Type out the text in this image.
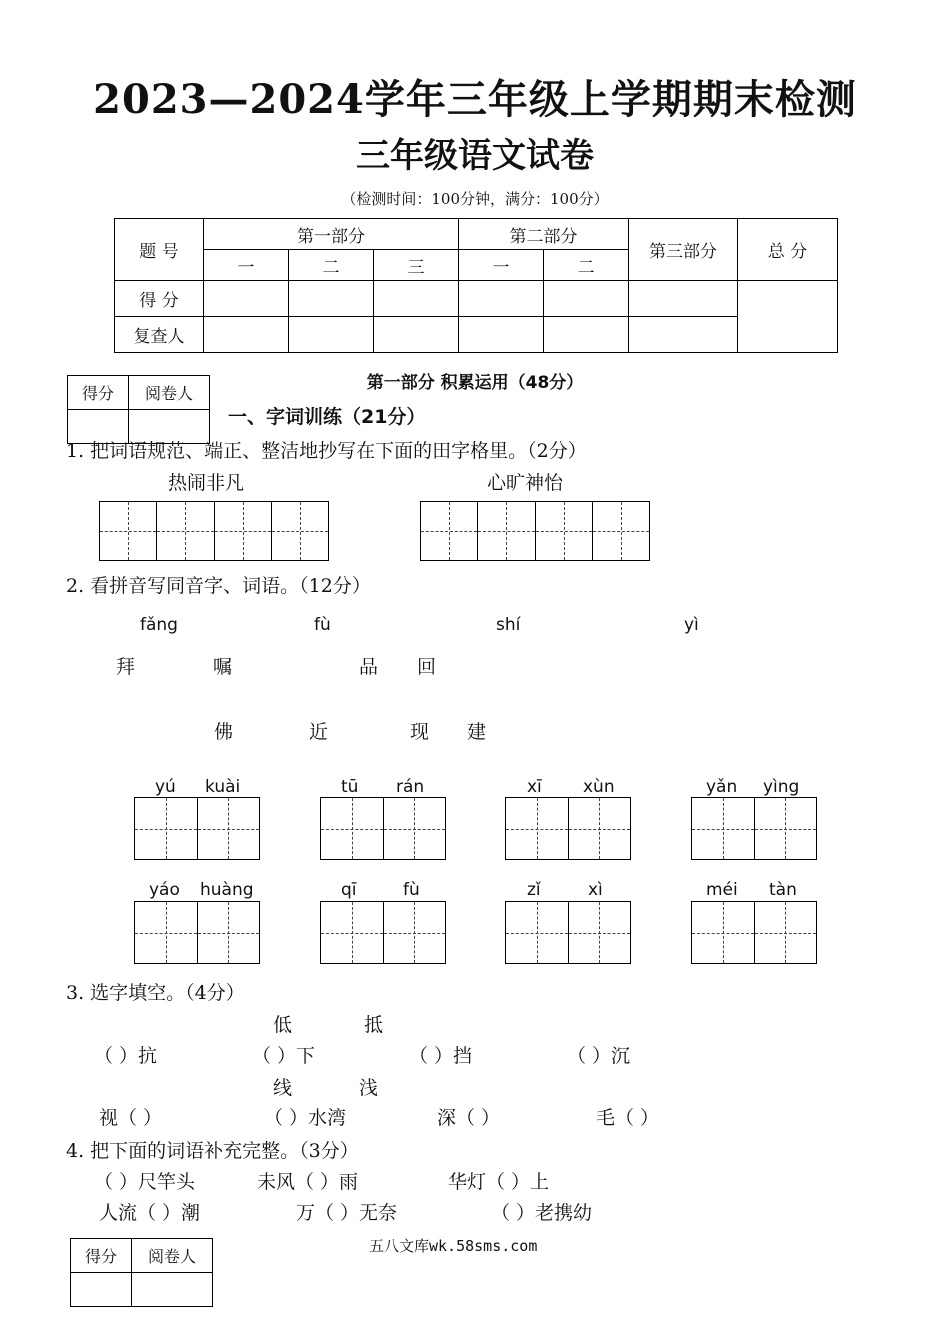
2023—2024学年三年级上学期期末检测
三年级语文试卷
（检测时间：100分钟，满分：100分）
题 号	第一部分			第二部分		第三部分	总 分
	一	二	三	一	二		
得 分							
复查人							
第一部分 积累运用（48分）
得分	阅卷人

一、字词训练（21分）
1. 把词语规范、端正、整洁地抄写在下面的田字格里。（2分）
热闹非凡	心旷神怡
2. 看拼音写同音字、词语。（12分）
fǎng	fù	shí	yì
拜	嘱	品 回
佛	近	现 建
yú kuài	tū rán	xī xùn	yǎn yìng
yáo huàng	qī	fù	zǐ	xì	méi tàn
3. 选字填空。（4分）
低	抵
（ ）抗	（ ）下	（ ）挡	（ ）沉
线	浅
视（ ）	（ ）水湾	深（ ）	毛（ ）
4. 把下面的词语补充完整。（3分）
（ ）尺竿头	未风（ ）雨	华灯（ ）上
人流（ ）潮	万（ ）无奈	（ ）老携幼
得分	阅卷人

五八文库wk.58sms.com
